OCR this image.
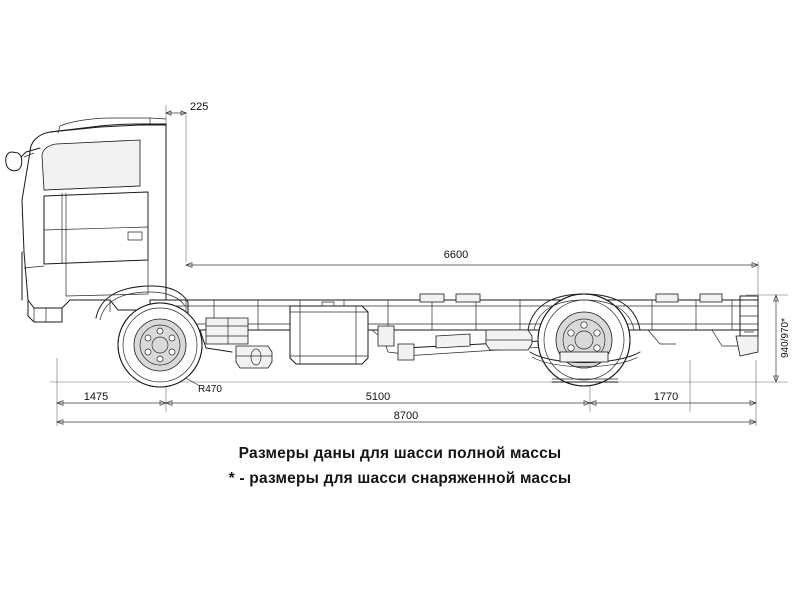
225
6600
1475	5100	1770
8700
R470
940/970*
Размеры даны для шасси полной массы
* - размеры для шасси снаряженной массы
